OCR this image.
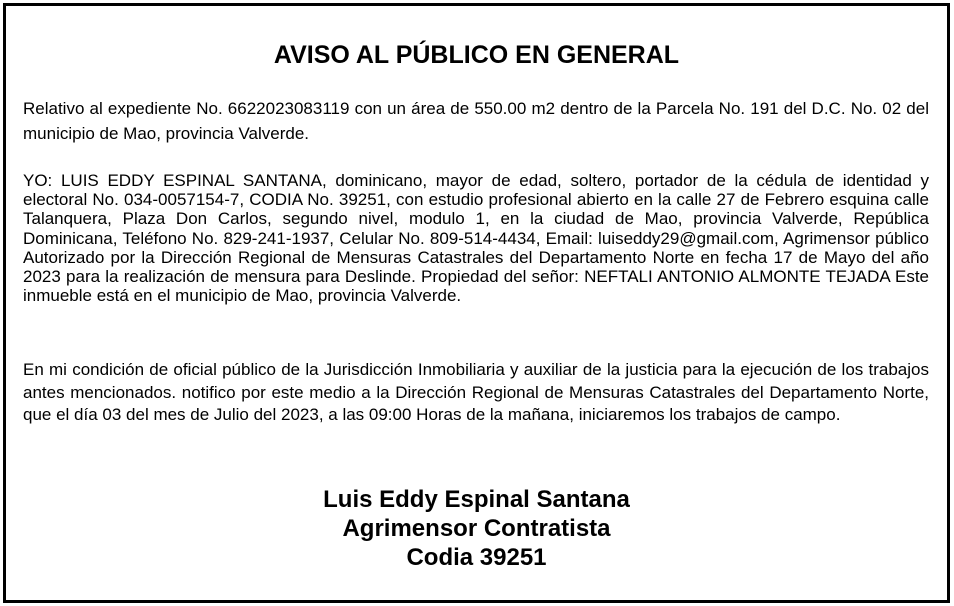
AVISO AL PÚBLICO EN GENERAL

Relativo al expediente No. 6622023083119 con un área de 550.00 m2 dentro de la Parcela No. 191 del D.C. No. 02 del municipio de Mao, provincia Valverde.

YO: LUIS EDDY ESPINAL SANTANA, dominicano, mayor de edad, soltero, portador de la cédula de identidad y electoral No. 034-0057154-7, CODIA No. 39251, con estudio profesional abierto en la calle 27 de Febrero esquina calle Talanquera, Plaza Don Carlos, segundo nivel, modulo 1, en la ciudad de Mao, provincia Valverde, República Dominicana, Teléfono No. 829-241-1937, Celular No. 809-514-4434, Email: luiseddy29@gmail.com, Agrimensor público Autorizado por la Dirección Regional de Mensuras Catastrales del Departamento Norte en fecha 17 de Mayo del año 2023 para la realización de mensura para Deslinde. Propiedad del señor: NEFTALI ANTONIO ALMONTE TEJADA Este inmueble está en el municipio de Mao, provincia Valverde.

En mi condición de oficial público de la Jurisdicción Inmobiliaria y auxiliar de la justicia para la ejecución de los trabajos antes mencionados. notifico por este medio a la Dirección Regional de Mensuras Catastrales del Departamento Norte, que el día 03 del mes de Julio del 2023, a las 09:00 Horas de la mañana, iniciaremos los trabajos de campo.

Luis Eddy Espinal Santana
Agrimensor Contratista
Codia 39251
